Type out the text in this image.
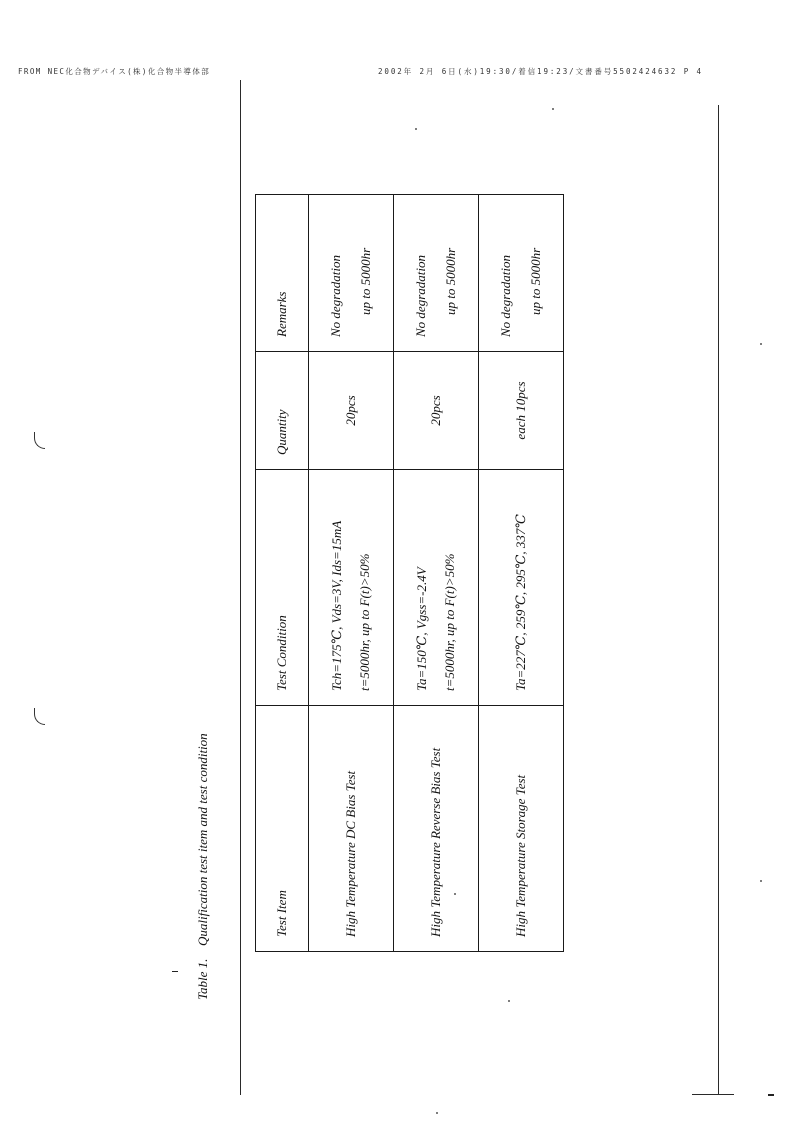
FROM NEC化合物デバイス(株)化合物半導体部	2002年 2月 6日(水)19:30/着信19:23/文書番号5502424632 P 4
Test Item	Test Condition	Quantity	Remarks
High Temperature DC Bias Test	Tch=175℃, Vds=3V, Ids=15mA t=5000hr, up to F(t)>50%	20pcs	No degradation up to 5000hr

High Temperature Reverse Bias Test	Ta=150℃, Vgss=-2.4V t=5000hr, up to F(t)>50%	20pcs	No degradation up to 5000hr

High Temperature Storage Test	Ta=227℃, 259℃, 295℃, 337℃	each 10pcs	No degradation up to 5000hr
Table 1.Qualification test item and test condition
